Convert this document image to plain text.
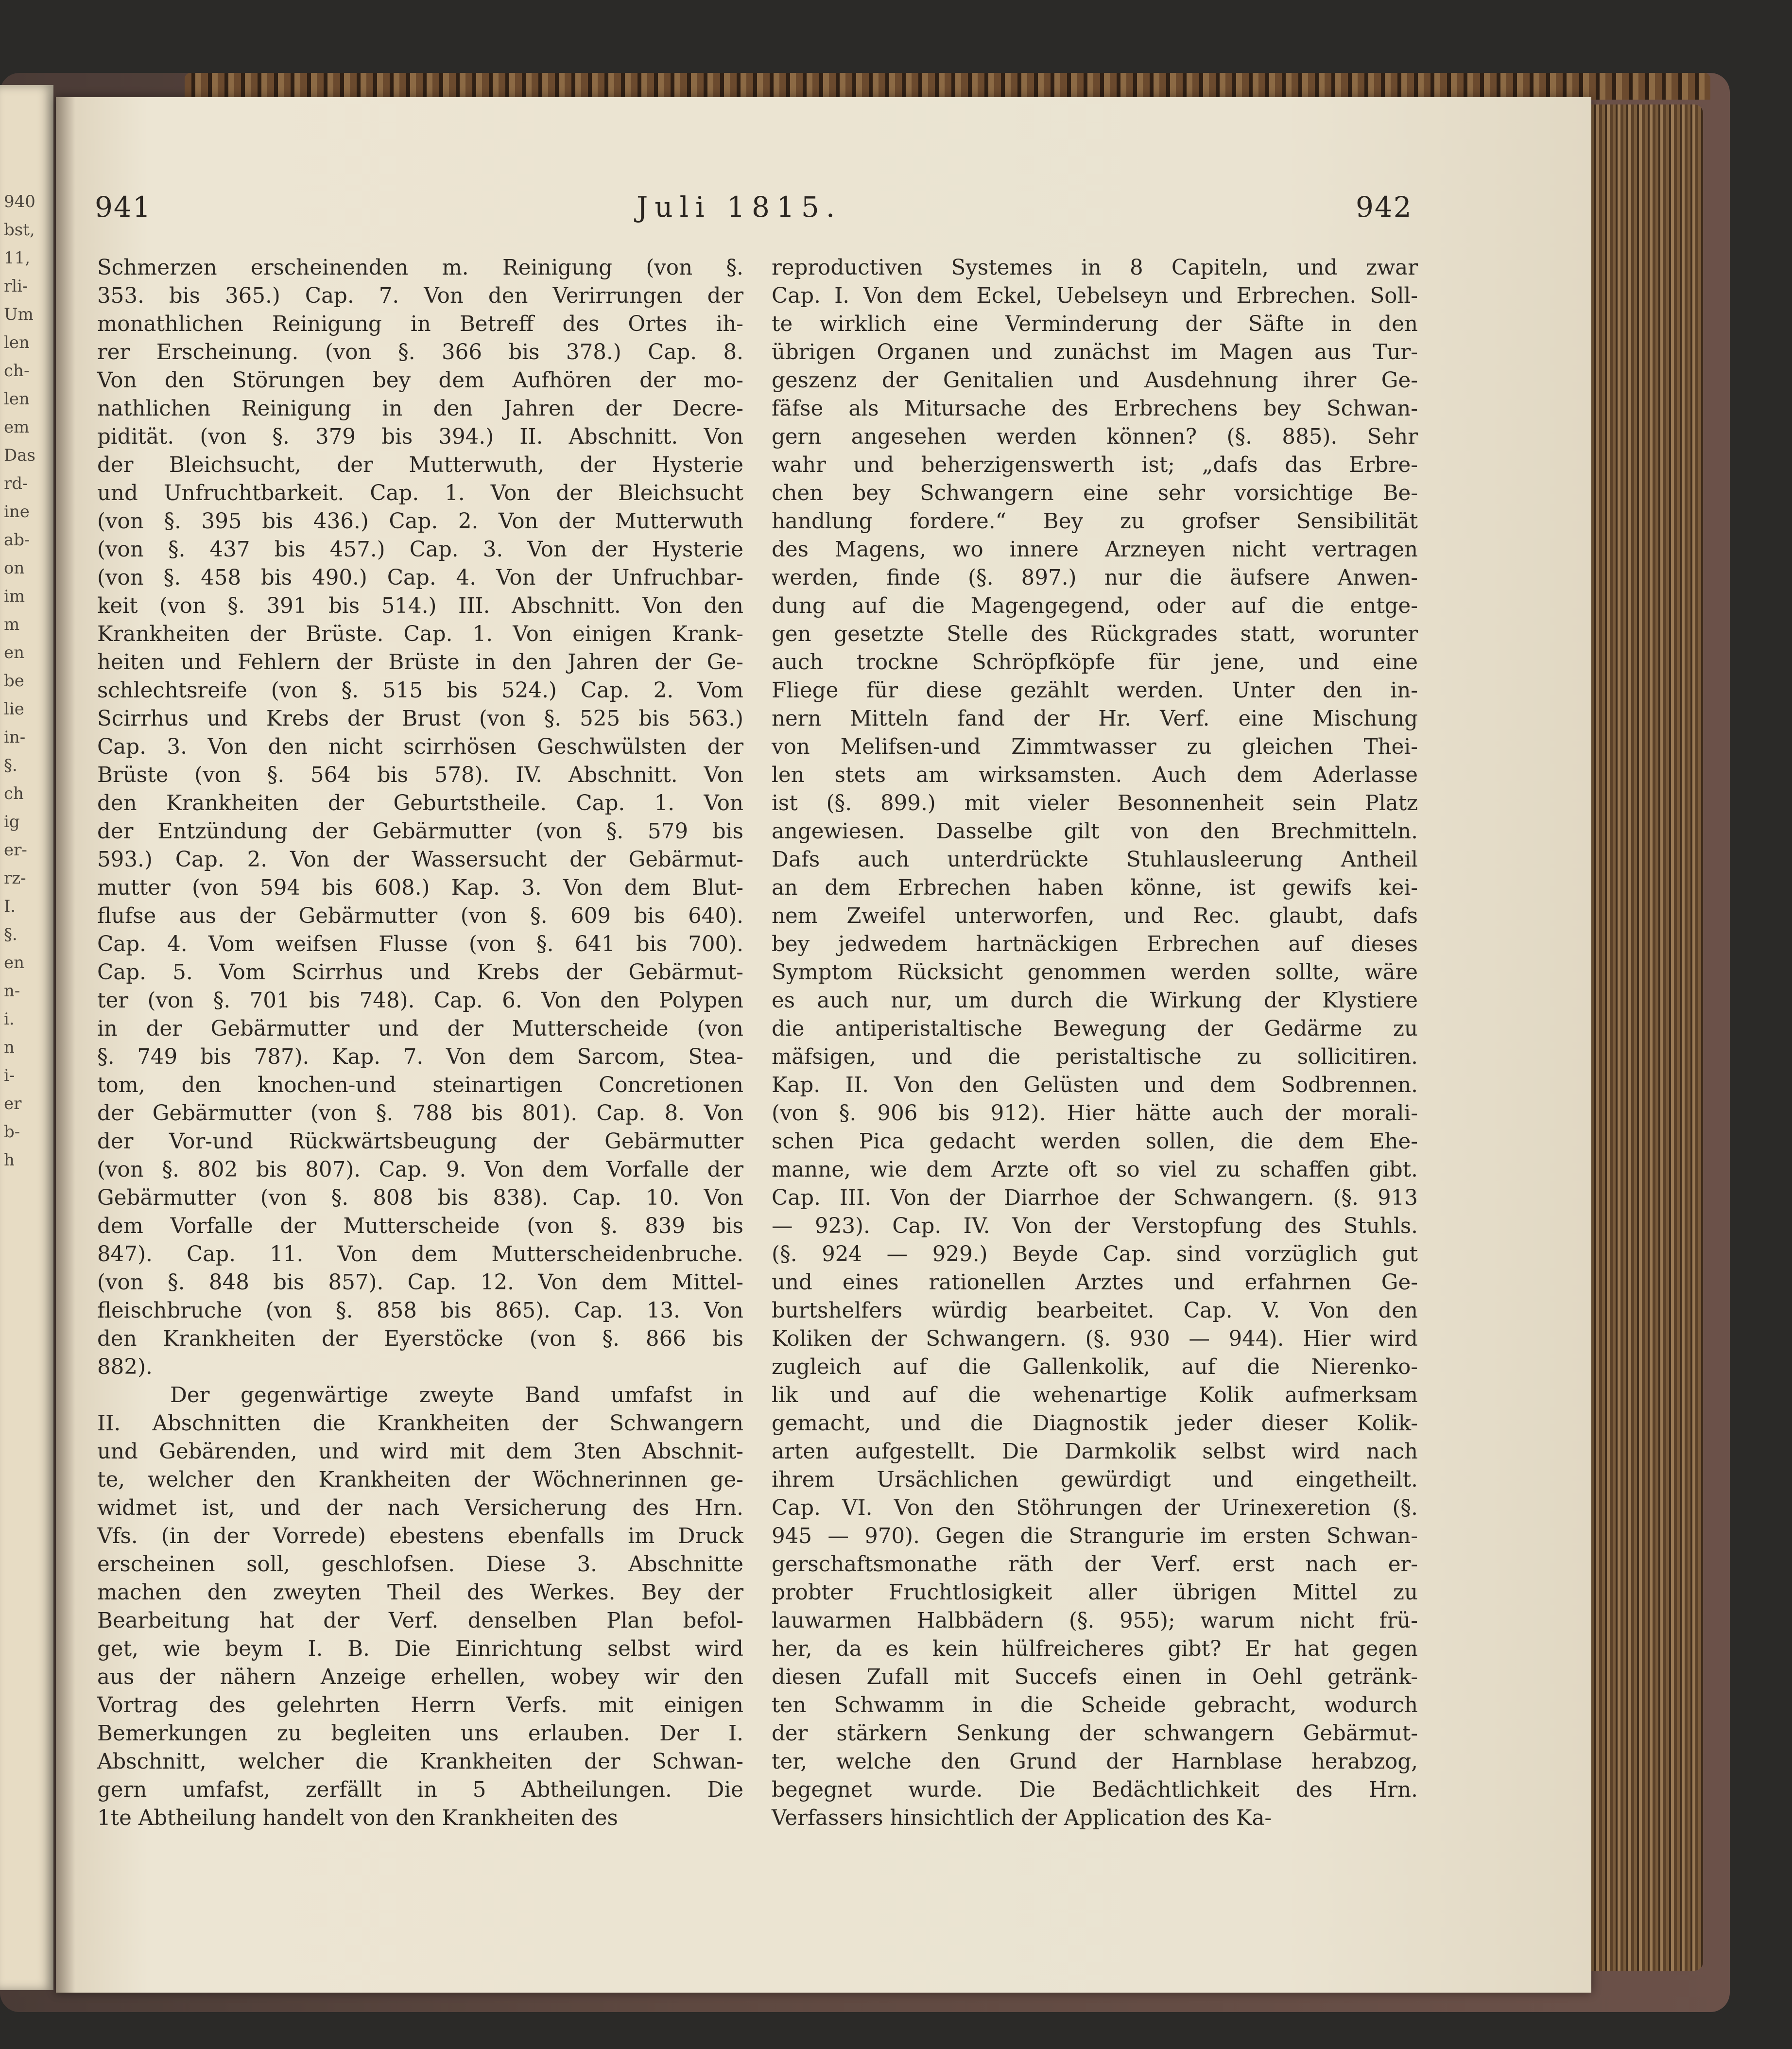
940
bst,
11,
rli-
Um
len
ch-
len
em
Das
rd-
ine
ab-
on
im
m
en
be
lie
in-
§.
ch
ig
er-
rz-
I.
§.
en
n-
i.
n
i-
er
b-
h
941	Juli 1815.	942
Schmerzen erscheinenden m. Reinigung (von §.
353. bis 365.) Cap. 7. Von den Verirrungen der
monathlichen Reinigung in Betreff des Ortes ih-
rer Erscheinung. (von §. 366 bis 378.) Cap. 8.
Von den Störungen bey dem Aufhören der mo-
nathlichen Reinigung in den Jahren der Decre-
pidität. (von §. 379 bis 394.) II. Abschnitt. Von
der Bleichsucht, der Mutterwuth, der Hysterie
und Unfruchtbarkeit. Cap. 1. Von der Bleichsucht
(von §. 395 bis 436.) Cap. 2. Von der Mutterwuth
(von §. 437 bis 457.) Cap. 3. Von der Hysterie
(von §. 458 bis 490.) Cap. 4. Von der Unfruchbar-
keit (von §. 391 bis 514.) III. Abschnitt. Von den
Krankheiten der Brüste. Cap. 1. Von einigen Krank-
heiten und Fehlern der Brüste in den Jahren der Ge-
schlechtsreife (von §. 515 bis 524.) Cap. 2. Vom
Scirrhus und Krebs der Brust (von §. 525 bis 563.)
Cap. 3. Von den nicht scirrhösen Geschwülsten der
Brüste (von §. 564 bis 578). IV. Abschnitt. Von
den Krankheiten der Geburtstheile. Cap. 1. Von
der Entzündung der Gebärmutter (von §. 579 bis
593.) Cap. 2. Von der Wassersucht der Gebärmut-
mutter (von 594 bis 608.) Kap. 3. Von dem Blut-
flufse aus der Gebärmutter (von §. 609 bis 640).
Cap. 4. Vom weifsen Flusse (von §. 641 bis 700).
Cap. 5. Vom Scirrhus und Krebs der Gebärmut-
ter (von §. 701 bis 748). Cap. 6. Von den Polypen
in der Gebärmutter und der Mutterscheide (von
§. 749 bis 787). Kap. 7. Von dem Sarcom, Stea-
tom, den knochen-und steinartigen Concretionen
der Gebärmutter (von §. 788 bis 801). Cap. 8. Von
der Vor-und Rückwärtsbeugung der Gebärmutter
(von §. 802 bis 807). Cap. 9. Von dem Vorfalle der
Gebärmutter (von §. 808 bis 838). Cap. 10. Von
dem Vorfalle der Mutterscheide (von §. 839 bis
847). Cap. 11. Von dem Mutterscheidenbruche.
(von §. 848 bis 857). Cap. 12. Von dem Mittel-
fleischbruche (von §. 858 bis 865). Cap. 13. Von
den Krankheiten der Eyerstöcke (von §. 866 bis
882).
Der gegenwärtige zweyte Band umfafst in
II. Abschnitten die Krankheiten der Schwangern
und Gebärenden, und wird mit dem 3ten Abschnit-
te, welcher den Krankheiten der Wöchnerinnen ge-
widmet ist, und der nach Versicherung des Hrn.
Vfs. (in der Vorrede) ebestens ebenfalls im Druck
erscheinen soll, geschlofsen. Diese 3. Abschnitte
machen den zweyten Theil des Werkes. Bey der
Bearbeitung hat der Verf. denselben Plan befol-
get, wie beym I. B. Die Einrichtung selbst wird
aus der nähern Anzeige erhellen, wobey wir den
Vortrag des gelehrten Herrn Verfs. mit einigen
Bemerkungen zu begleiten uns erlauben. Der I.
Abschnitt, welcher die Krankheiten der Schwan-
gern umfafst, zerfällt in 5 Abtheilungen. Die
1te Abtheilung handelt von den Krankheiten des
reproductiven Systemes in 8 Capiteln, und zwar
Cap. I. Von dem Eckel, Uebelseyn und Erbrechen. Soll-
te wirklich eine Verminderung der Säfte in den
übrigen Organen und zunächst im Magen aus Tur-
geszenz der Genitalien und Ausdehnung ihrer Ge-
fäfse als Mitursache des Erbrechens bey Schwan-
gern angesehen werden können? (§. 885). Sehr
wahr und beherzigenswerth ist; „dafs das Erbre-
chen bey Schwangern eine sehr vorsichtige Be-
handlung fordere.“ Bey zu grofser Sensibilität
des Magens, wo innere Arzneyen nicht vertragen
werden, finde (§. 897.) nur die äufsere Anwen-
dung auf die Magengegend, oder auf die entge-
gen gesetzte Stelle des Rückgrades statt, worunter
auch trockne Schröpfköpfe für jene, und eine
Fliege für diese gezählt werden. Unter den in-
nern Mitteln fand der Hr. Verf. eine Mischung
von Melifsen-und Zimmtwasser zu gleichen Thei-
len stets am wirksamsten. Auch dem Aderlasse
ist (§. 899.) mit vieler Besonnenheit sein Platz
angewiesen. Dasselbe gilt von den Brechmitteln.
Dafs auch unterdrückte Stuhlausleerung Antheil
an dem Erbrechen haben könne, ist gewifs kei-
nem Zweifel unterworfen, und Rec. glaubt, dafs
bey jedwedem hartnäckigen Erbrechen auf dieses
Symptom Rücksicht genommen werden sollte, wäre
es auch nur, um durch die Wirkung der Klystiere
die antiperistaltische Bewegung der Gedärme zu
mäfsigen, und die peristaltische zu sollicitiren.
Kap. II. Von den Gelüsten und dem Sodbrennen.
(von §. 906 bis 912). Hier hätte auch der morali-
schen Pica gedacht werden sollen, die dem Ehe-
manne, wie dem Arzte oft so viel zu schaffen gibt.
Cap. III. Von der Diarrhoe der Schwangern. (§. 913
— 923). Cap. IV. Von der Verstopfung des Stuhls.
(§. 924 — 929.) Beyde Cap. sind vorzüglich gut
und eines rationellen Arztes und erfahrnen Ge-
burtshelfers würdig bearbeitet. Cap. V. Von den
Koliken der Schwangern. (§. 930 — 944). Hier wird
zugleich auf die Gallenkolik, auf die Nierenko-
lik und auf die wehenartige Kolik aufmerksam
gemacht, und die Diagnostik jeder dieser Kolik-
arten aufgestellt. Die Darmkolik selbst wird nach
ihrem Ursächlichen gewürdigt und eingetheilt.
Cap. VI. Von den Stöhrungen der Urinexeretion (§.
945 — 970). Gegen die Strangurie im ersten Schwan-
gerschaftsmonathe räth der Verf. erst nach er-
probter Fruchtlosigkeit aller übrigen Mittel zu
lauwarmen Halbbädern (§. 955); warum nicht frü-
her, da es kein hülfreicheres gibt? Er hat gegen
diesen Zufall mit Succefs einen in Oehl getränk-
ten Schwamm in die Scheide gebracht, wodurch
der stärkern Senkung der schwangern Gebärmut-
ter, welche den Grund der Harnblase herabzog,
begegnet wurde. Die Bedächtlichkeit des Hrn.
Verfassers hinsichtlich der Application des Ka-
